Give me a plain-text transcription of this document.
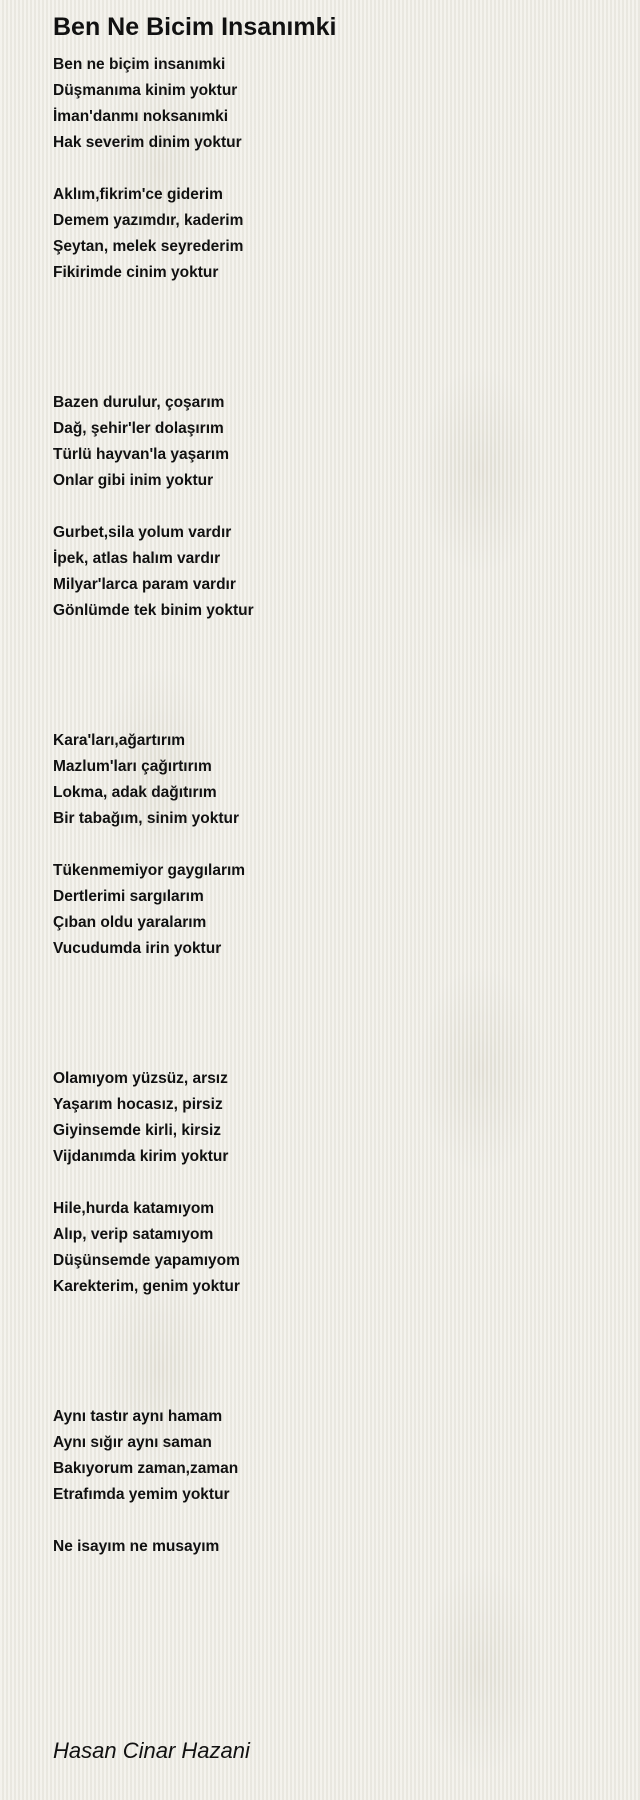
Ben Ne Bicim Insanımki
Ben ne biçim insanımki
Düşmanıma kinim yoktur
İman'danmı noksanımki
Hak severim dinim yoktur
Aklım,fikrim'ce giderim
Demem yazımdır, kaderim
Şeytan, melek seyrederim
Fikirimde cinim yoktur
Bazen durulur, çoşarım
Dağ, şehir'ler dolaşırım
Türlü hayvan'la yaşarım
Onlar gibi inim yoktur
Gurbet,sila yolum vardır
İpek, atlas halım vardır
Milyar'larca param vardır
Gönlümde tek binim yoktur
Kara'ları,ağartırım
Mazlum'ları çağırtırım
Lokma, adak dağıtırım
Bir tabağım, sinim yoktur
Tükenmemiyor gaygılarım
Dertlerimi sargılarım
Çıban oldu yaralarım
Vucudumda irin yoktur
Olamıyom yüzsüz, arsız
Yaşarım hocasız, pirsiz
Giyinsemde kirli, kirsiz
Vijdanımda kirim yoktur
Hile,hurda katamıyom
Alıp, verip satamıyom
Düşünsemde yapamıyom
Karekterim, genim yoktur
Aynı tastır aynı hamam
Aynı sığır aynı saman
Bakıyorum zaman,zaman
Etrafımda yemim yoktur
Ne isayım ne musayım
Hasan Cinar Hazani
